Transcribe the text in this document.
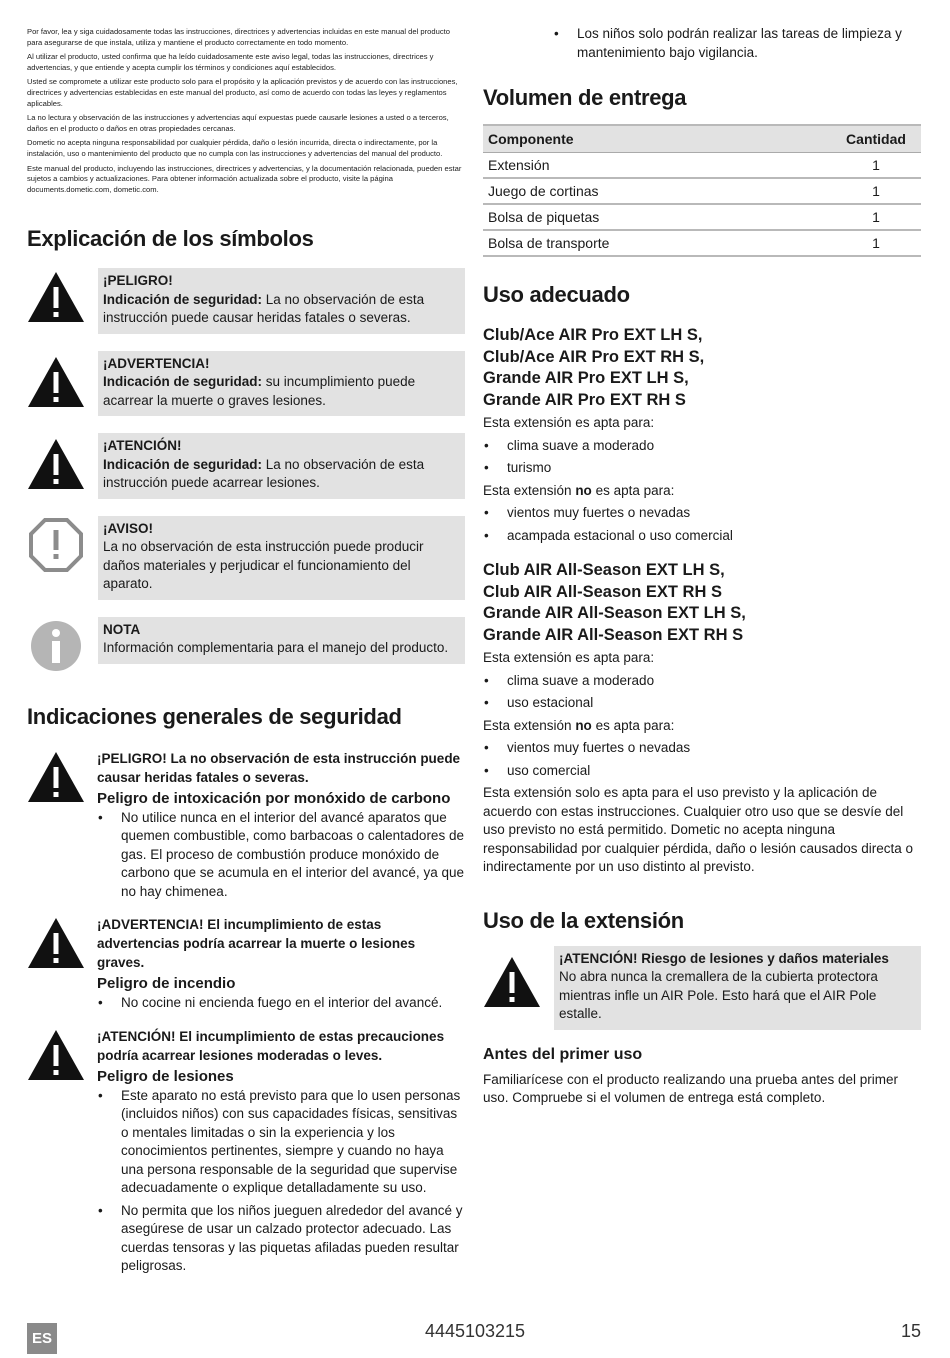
Por favor, lea y siga cuidadosamente todas las instrucciones, directrices y advertencias incluidas en este manual del producto para asegurarse de que instala, utiliza y mantiene el producto correctamente en todo momento.

Al utilizar el producto, usted confirma que ha leído cuidadosamente este aviso legal, todas las instrucciones, directrices y advertencias, y que entiende y acepta cumplir los términos y condiciones aquí establecidos.

Usted se compromete a utilizar este producto solo para el propósito y la aplicación previstos y de acuerdo con las instrucciones, directrices y advertencias establecidas en este manual del producto, así como de acuerdo con todas las leyes y reglamentos aplicables.

La no lectura y observación de las instrucciones y advertencias aquí expuestas puede causarle lesiones a usted o a terceros, daños en el producto o daños en otras propiedades cercanas.

Dometic no acepta ninguna responsabilidad por cualquier pérdida, daño o lesión incurrida, directa o indirectamente, por la instalación, uso o mantenimiento del producto que no cumpla con las instrucciones y advertencias del manual del producto.

Este manual del producto, incluyendo las instrucciones, directrices y advertencias, y la documentación relacionada, pueden estar sujetos a cambios y actualizaciones. Para obtener información actualizada sobre el producto, visite la página documents.dometic.com, dometic.com.

Explicación de los símbolos
¡PELIGRO!
Indicación de seguridad: La no observación de esta instrucción puede causar heridas fatales o severas.
¡ADVERTENCIA!
Indicación de seguridad: su incumplimiento puede acarrear la muerte o graves lesiones.
¡ATENCIÓN!
Indicación de seguridad: La no observación de esta instrucción puede acarrear lesiones.
¡AVISO!
La no observación de esta instrucción puede producir daños materiales y perjudicar el funcionamiento del aparato.
NOTA
Información complementaria para el manejo del producto.
Indicaciones generales de seguridad
¡PELIGRO! La no observación de esta instrucción puede causar heridas fatales o severas.
Peligro de intoxicación por monóxido de carbono
• No utilice nunca en el interior del avancé aparatos que quemen combustible, como barbacoas o calentadores de gas. El proceso de combustión produce monóxido de carbono que se acumula en el interior del avancé, ya que no hay chimenea.
¡ADVERTENCIA! El incumplimiento de estas advertencias podría acarrear la muerte o lesiones graves.
Peligro de incendio
• No cocine ni encienda fuego en el interior del avancé.
¡ATENCIÓN! El incumplimiento de estas precauciones podría acarrear lesiones moderadas o leves.
Peligro de lesiones
• Este aparato no está previsto para que lo usen personas (incluidos niños) con sus capacidades físicas, sensitivas o mentales limitadas o sin la experiencia y los conocimientos pertinentes, siempre y cuando no haya una persona responsable de la seguridad que supervise adecuadamente o explique detalladamente su uso.
• No permita que los niños jueguen alrededor del avancé y asegúrese de usar un calzado protector adecuado. Las cuerdas tensoras y las piquetas afiladas pueden resultar peligrosas.
• Los niños solo podrán realizar las tareas de limpieza y mantenimiento bajo vigilancia.
Volumen de entrega
Componente	Cantidad
Extensión	1
Juego de cortinas	1
Bolsa de piquetas	1
Bolsa de transporte	1
Uso adecuado
Club/Ace AIR Pro EXT LH S,
Club/Ace AIR Pro EXT RH S,
Grande AIR Pro EXT LH S,
Grande AIR Pro EXT RH S

Esta extensión es apta para:

• clima suave a moderado
• turismo

Esta extensión no es apta para:

• vientos muy fuertes o nevadas
• acampada estacional o uso comercial
Club AIR All-Season EXT LH S,
Club AIR All-Season EXT RH S
Grande AIR All-Season EXT LH S,
Grande AIR All-Season EXT RH S

Esta extensión es apta para:

• clima suave a moderado
• uso estacional

Esta extensión no es apta para:

• vientos muy fuertes o nevadas
• uso comercial

Esta extensión solo es apta para el uso previsto y la aplicación de acuerdo con estas instrucciones. Cualquier otro uso que se desvíe del uso previsto no está permitido. Dometic no acepta ninguna responsabilidad por cualquier pérdida, daño o lesión causados directa o indirectamente por un uso distinto al previsto.

Uso de la extensión
¡ATENCIÓN! Riesgo de lesiones y daños materiales
No abra nunca la cremallera de la cubierta protectora mientras infle un AIR Pole. Esto hará que el AIR Pole estalle.
Antes del primer uso

Familiarícese con el producto realizando una prueba antes del primer uso. Compruebe si el volumen de entrega está completo.

ES	4445103215	15
